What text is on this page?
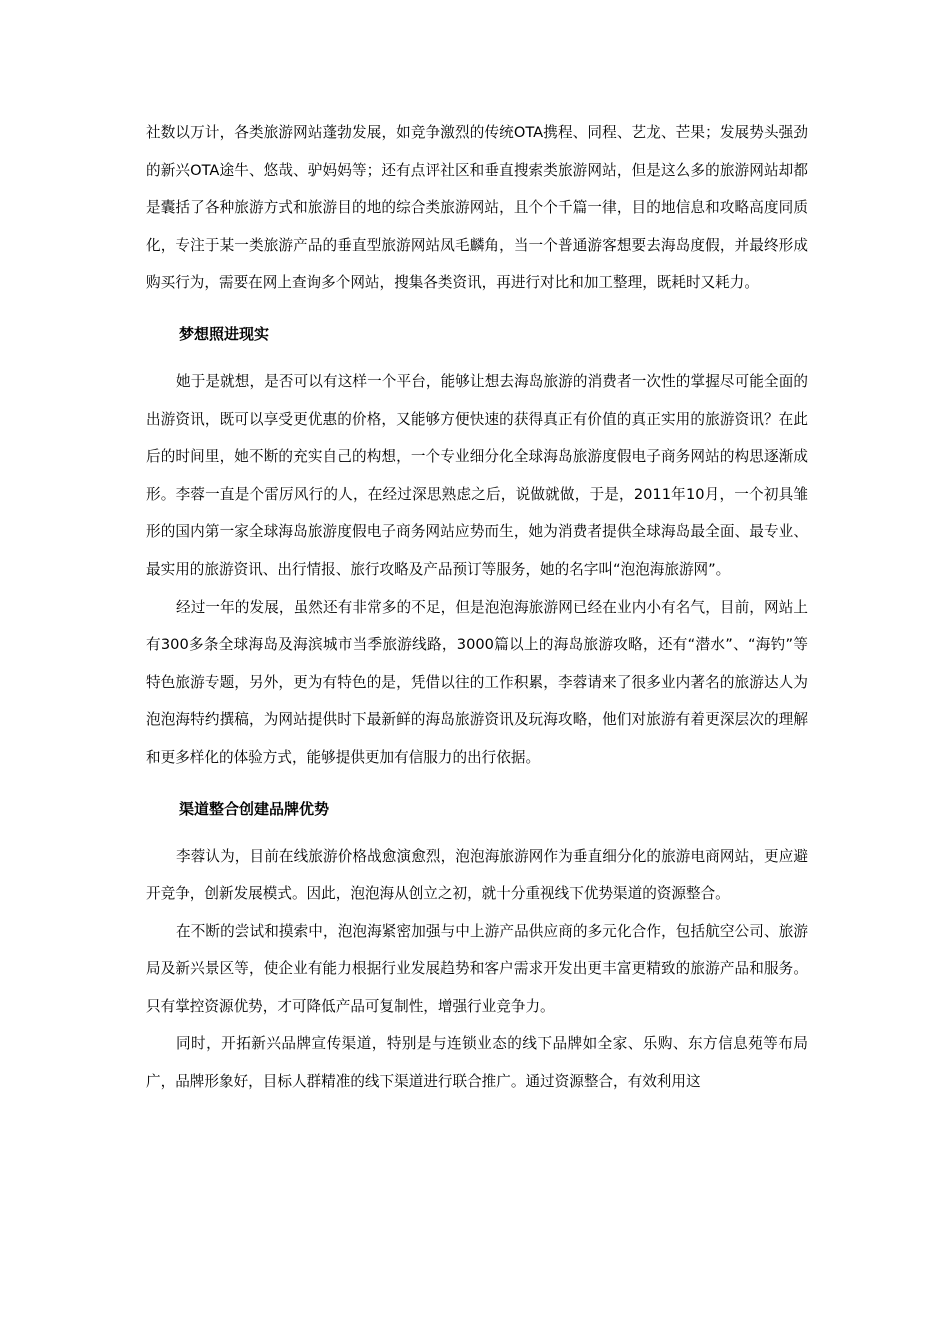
社数以万计，各类旅游网站蓬勃发展，如竞争激烈的传统OTA携程、同程、艺龙、芒果；发展势头强劲的新兴OTA途牛、悠哉、驴妈妈等；还有点评社区和垂直搜索类旅游网站，但是这么多的旅游网站却都是囊括了各种旅游方式和旅游目的地的综合类旅游网站，且个个千篇一律，目的地信息和攻略高度同质化，专注于某一类旅游产品的垂直型旅游网站凤毛麟角，当一个普通游客想要去海岛度假，并最终形成购买行为，需要在网上查询多个网站，搜集各类资讯，再进行对比和加工整理，既耗时又耗力。

梦想照进现实

她于是就想，是否可以有这样一个平台，能够让想去海岛旅游的消费者一次性的掌握尽可能全面的出游资讯，既可以享受更优惠的价格，又能够方便快速的获得真正有价值的真正实用的旅游资讯？在此后的时间里，她不断的充实自己的构想，一个专业细分化全球海岛旅游度假电子商务网站的构思逐渐成形。李蓉一直是个雷厉风行的人，在经过深思熟虑之后，说做就做，于是，2011年10月，一个初具雏形的国内第一家全球海岛旅游度假电子商务网站应势而生，她为消费者提供全球海岛最全面、最专业、最实用的旅游资讯、出行情报、旅行攻略及产品预订等服务，她的名字叫“泡泡海旅游网”。

经过一年的发展，虽然还有非常多的不足，但是泡泡海旅游网已经在业内小有名气，目前，网站上有300多条全球海岛及海滨城市当季旅游线路，3000篇以上的海岛旅游攻略，还有“潜水”、“海钓”等特色旅游专题，另外，更为有特色的是，凭借以往的工作积累，李蓉请来了很多业内著名的旅游达人为泡泡海特约撰稿，为网站提供时下最新鲜的海岛旅游资讯及玩海攻略，他们对旅游有着更深层次的理解和更多样化的体验方式，能够提供更加有信服力的出行依据。

渠道整合创建品牌优势

李蓉认为，目前在线旅游价格战愈演愈烈，泡泡海旅游网作为垂直细分化的旅游电商网站，更应避开竞争，创新发展模式。因此，泡泡海从创立之初，就十分重视线下优势渠道的资源整合。

在不断的尝试和摸索中，泡泡海紧密加强与中上游产品供应商的多元化合作，包括航空公司、旅游局及新兴景区等，使企业有能力根据行业发展趋势和客户需求开发出更丰富更精致的旅游产品和服务。只有掌控资源优势，才可降低产品可复制性，增强行业竞争力。

同时，开拓新兴品牌宣传渠道，特别是与连锁业态的线下品牌如全家、乐购、东方信息苑等布局广，品牌形象好，目标人群精准的线下渠道进行联合推广。通过资源整合，有效利用这
